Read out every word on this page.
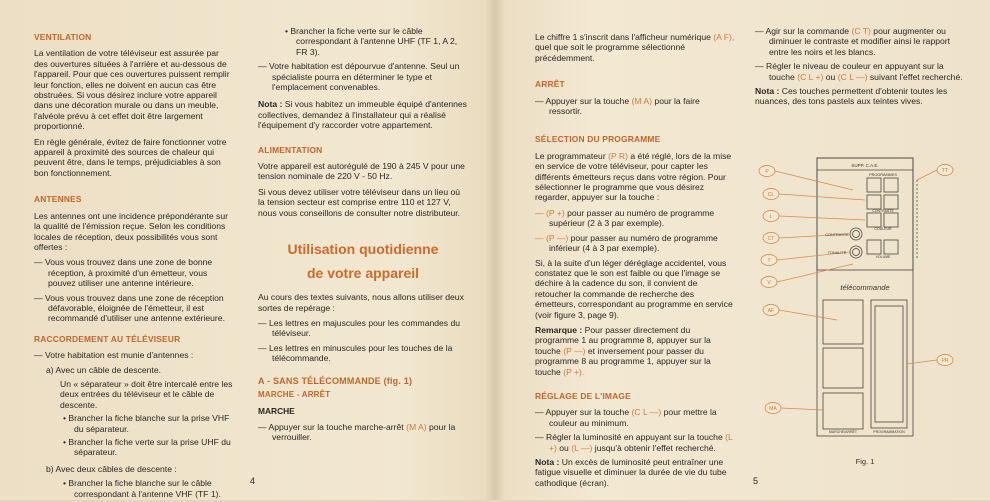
VENTILATION

La ventilation de votre téléviseur est assurée par des ouvertures situées à l'arrière et au-dessous de l'appareil. Pour que ces ouvertures puissent remplir leur fonction, elles ne doivent en aucun cas être obstruées. Si vous désirez inclure votre appareil dans une décoration murale ou dans un meuble, l'alvéole prévu à cet effet doit être largement proportionné.

En règle générale, évitez de faire fonctionner votre appareil à proximité des sources de chaleur qui peuvent être, dans le temps, préjudiciables à son bon fonctionnement.

ANTENNES

Les antennes ont une incidence prépondérante sur la qualité de l'émission reçue. Selon les conditions locales de réception, deux possibilités vous sont offertes :

— Vous vous trouvez dans une zone de bonne réception, à proximité d'un émetteur, vous pouvez utiliser une antenne intérieure.
— Vous vous trouvez dans une zone de réception défavorable, éloignée de l'émetteur, il est recommandé d'utiliser une antenne extérieure.
RACCORDEMENT AU TÉLÉVISEUR
— Votre habitation est munie d'antennes :
a) Avec un câble de descente.
Un « séparateur » doit être intercalé entre les deux entrées du téléviseur et le câble de descente.
• Brancher la fiche blanche sur la prise VHF du séparateur.
• Brancher la fiche verte sur la prise UHF du séparateur.
b) Avec deux câbles de descente :
• Brancher la fiche blanche sur le câble correspondant à l'antenne VHF (TF 1).
• Brancher la fiche verte sur le câble correspondant à l'antenne UHF (TF 1, A 2, FR 3).
— Votre habitation est dépourvue d'antenne. Seul un spécialiste pourra en déterminer le type et l'emplacement convenables.

Nota : Si vous habitez un immeuble équipé d'antennes collectives, demandez à l'installateur qui a réalisé l'équipement d'y raccorder votre appartement.

ALIMENTATION

Votre appareil est autorégulé de 190 à 245 V pour une tension nominale de 220 V - 50 Hz.

Si vous devez utiliser votre téléviseur dans un lieu où la tension secteur est comprise entre 110 et 127 V, nous vous conseillons de consulter notre distributeur.

Utilisation quotidienne

de votre appareil

Au cours des textes suivants, nous allons utiliser deux sortes de repérage :

— Les lettres en majuscules pour les commandes du téléviseur.
— Les lettres en minuscules pour les touches de la télécommande.
A - SANS TÉLÉCOMMANDE (fig. 1)
MARCHE - ARRÊT
MARCHE
— Appuyer sur la touche marche-arrêt (M A) pour la verrouiller.
4

Le chiffre 1 s'inscrit dans l'afficheur numérique (A F), quel que soit le programme sélectionné précédemment.

ARRÊT
— Appuyer sur la touche (M A) pour la faire ressortir.
SÉLECTION DU PROGRAMME

Le programmateur (P R) a été réglé, lors de la mise en service de votre téléviseur, pour capter les différents émetteurs reçus dans votre région. Pour sélectionner le programme que vous désirez regarder, appuyer sur la touche :

— (P +) pour passer au numéro de programme supérieur (2 à 3 par exemple).
— (P —) pour passer au numéro de programme inférieur (4 à 3 par exemple).

Si, à la suite d'un léger déréglage accidentel, vous constatez que le son est faible ou que l'image se déchire à la cadence du son, il convient de retoucher la commande de recherche des émetteurs, correspondant au programme en service (voir figure 3, page 9).

Remarque : Pour passer directement du programme 1 au programme 8, appuyer sur la touche (P —) et inversement pour passer du programme 8 au programme 1, appuyer sur la touche (P +).

RÉGLAGE DE L'IMAGE
— Appuyer sur la touche (C L —) pour mettre la couleur au minimum.
— Régler la luminosité en appuyant sur la touche (L +) ou (L —) jusqu'à obtenir l'effet recherché.

Nota : Un excès de luminosité peut entraîner une fatigue visuelle et diminuer la durée de vie du tube cathodique (écran).

— Agir sur la commande (C T) pour augmenter ou diminuer le contraste et modifier ainsi le rapport entre les noirs et les blancs.
— Régler le niveau de couleur en appuyant sur la touche (C L +) ou (C L —) suivant l'effet recherché.

Nota : Ces touches permettent d'obtenir toutes les nuances, des tons pastels aux teintes vives.

SUPP. C.A.E.
PROGRAMMES
CONTRASTE
COULEUR
VOLUME
CONTRASTE
TONALITÉ
télécommande
MARCHE/ARRÊT	PROGRAMMATION
P
CL
L
CT
T
V
AF
MA
TT
PR
Fig. 1
5
